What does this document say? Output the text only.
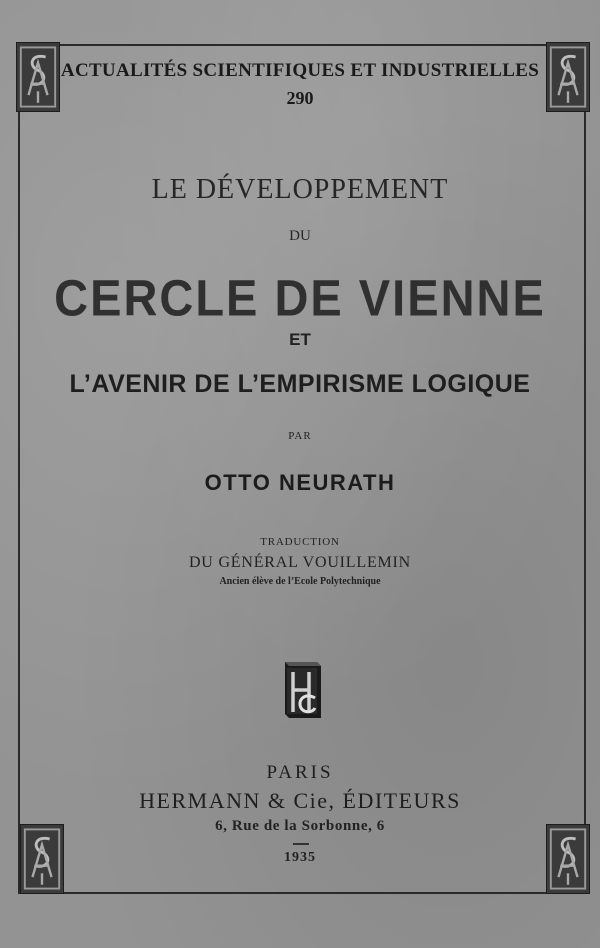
ACTUALITÉS SCIENTIFIQUES ET INDUSTRIELLES
290
LE DÉVELOPPEMENT
DU
CERCLE DE VIENNE
ET
L’AVENIR DE L’EMPIRISME LOGIQUE
PAR
OTTO NEURATH
TRADUCTION
DU GÉNÉRAL VOUILLEMIN
Ancien élève de l’Ecole Polytechnique
PARIS
HERMANN & Cie, ÉDITEURS
6, Rue de la Sorbonne, 6
1935
